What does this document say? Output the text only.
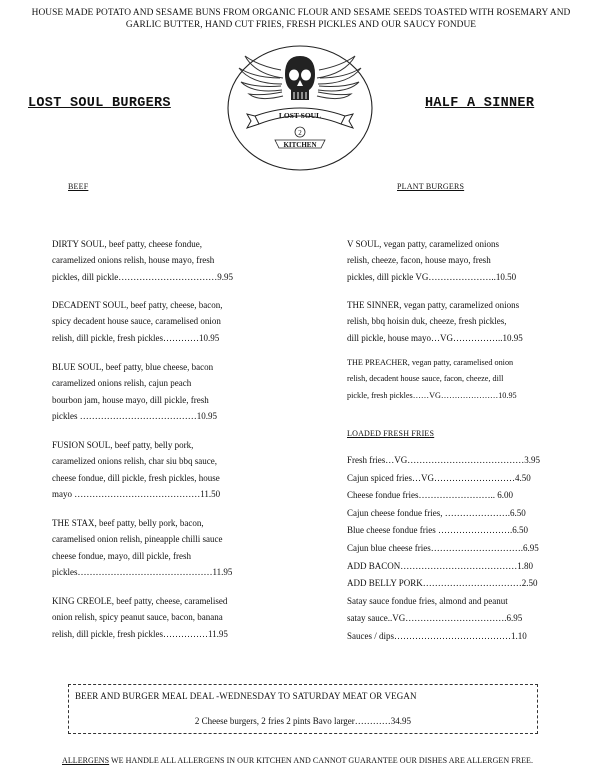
HOUSE MADE POTATO AND SESAME BUNS FROM ORGANIC FLOUR AND SESAME SEEDS TOASTED WITH ROSEMARY AND GARLIC BUTTER, HAND CUT FRIES, FRESH PICKLES AND OUR SAUCY FONDUE
LOST SOUL
2
KITCHEN
LOST SOUL BURGERS	HALF A SINNER
BEEF	PLANT BURGERS

DIRTY SOUL, beef patty, cheese fondue,
caramelized onions relish, house mayo, fresh
pickles, dill pickle……………………………9.95

DECADENT SOUL, beef patty, cheese, bacon,
spicy decadent house sauce, caramelised onion
relish, dill pickle, fresh pickles…………10.95

BLUE SOUL, beef patty, blue cheese, bacon
caramelized onions relish, cajun peach
bourbon jam, house mayo, dill pickle, fresh
pickles …………………………………10.95

FUSION SOUL, beef patty, belly pork,
caramelized onions relish, char siu bbq sauce,
cheese fondue, dill pickle, fresh pickles, house
mayo ……………………………………11.50

THE STAX, beef patty, belly pork, bacon,
caramelised onion relish, pineapple chilli sauce
cheese fondue, mayo, dill pickle, fresh
pickles………………………………………11.95

KING CREOLE, beef patty, cheese, caramelised
onion relish, spicy peanut sauce, bacon, banana
relish, dill pickle, fresh pickles……………11.95

V SOUL, vegan patty, caramelized onions
relish, cheeze, facon, house mayo, fresh
pickles, dill pickle VG…………………..10.50

THE SINNER, vegan patty, caramelized onions
relish, bbq hoisin duk, cheeze, fresh pickles,
dill pickle, house mayo…VG……………..10.95

THE PREACHER, vegan patty, caramelised onion
relish, decadent house sauce, facon, cheeze, dill
pickle, fresh pickles……VG…………………10.95

LOADED FRESH FRIES
Fresh fries…VG…………………………………3.95
Cajun spiced fries…VG………………………4.50
Cheese fondue fries…………………….. 6.00
Cajun cheese fondue fries, ………………….6.50
Blue cheese fondue fries …………………….6.50
Cajun blue cheese fries………………………….6.95
ADD BACON…………………………………1.80
ADD BELLY PORK……………………………2.50
Satay sauce fondue fries, almond and peanut
satay sauce..VG…………………………….6.95
Sauces / dips…………………………………1.10
BEER AND BURGER MEAL DEAL -WEDNESDAY TO SATURDAY MEAT OR VEGAN
2 Cheese burgers, 2 fries 2 pints Bavo larger…………34.95
ALLERGENS WE HANDLE ALL ALLERGENS IN OUR KITCHEN AND CANNOT GUARANTEE OUR DISHES ARE ALLERGEN FREE.
